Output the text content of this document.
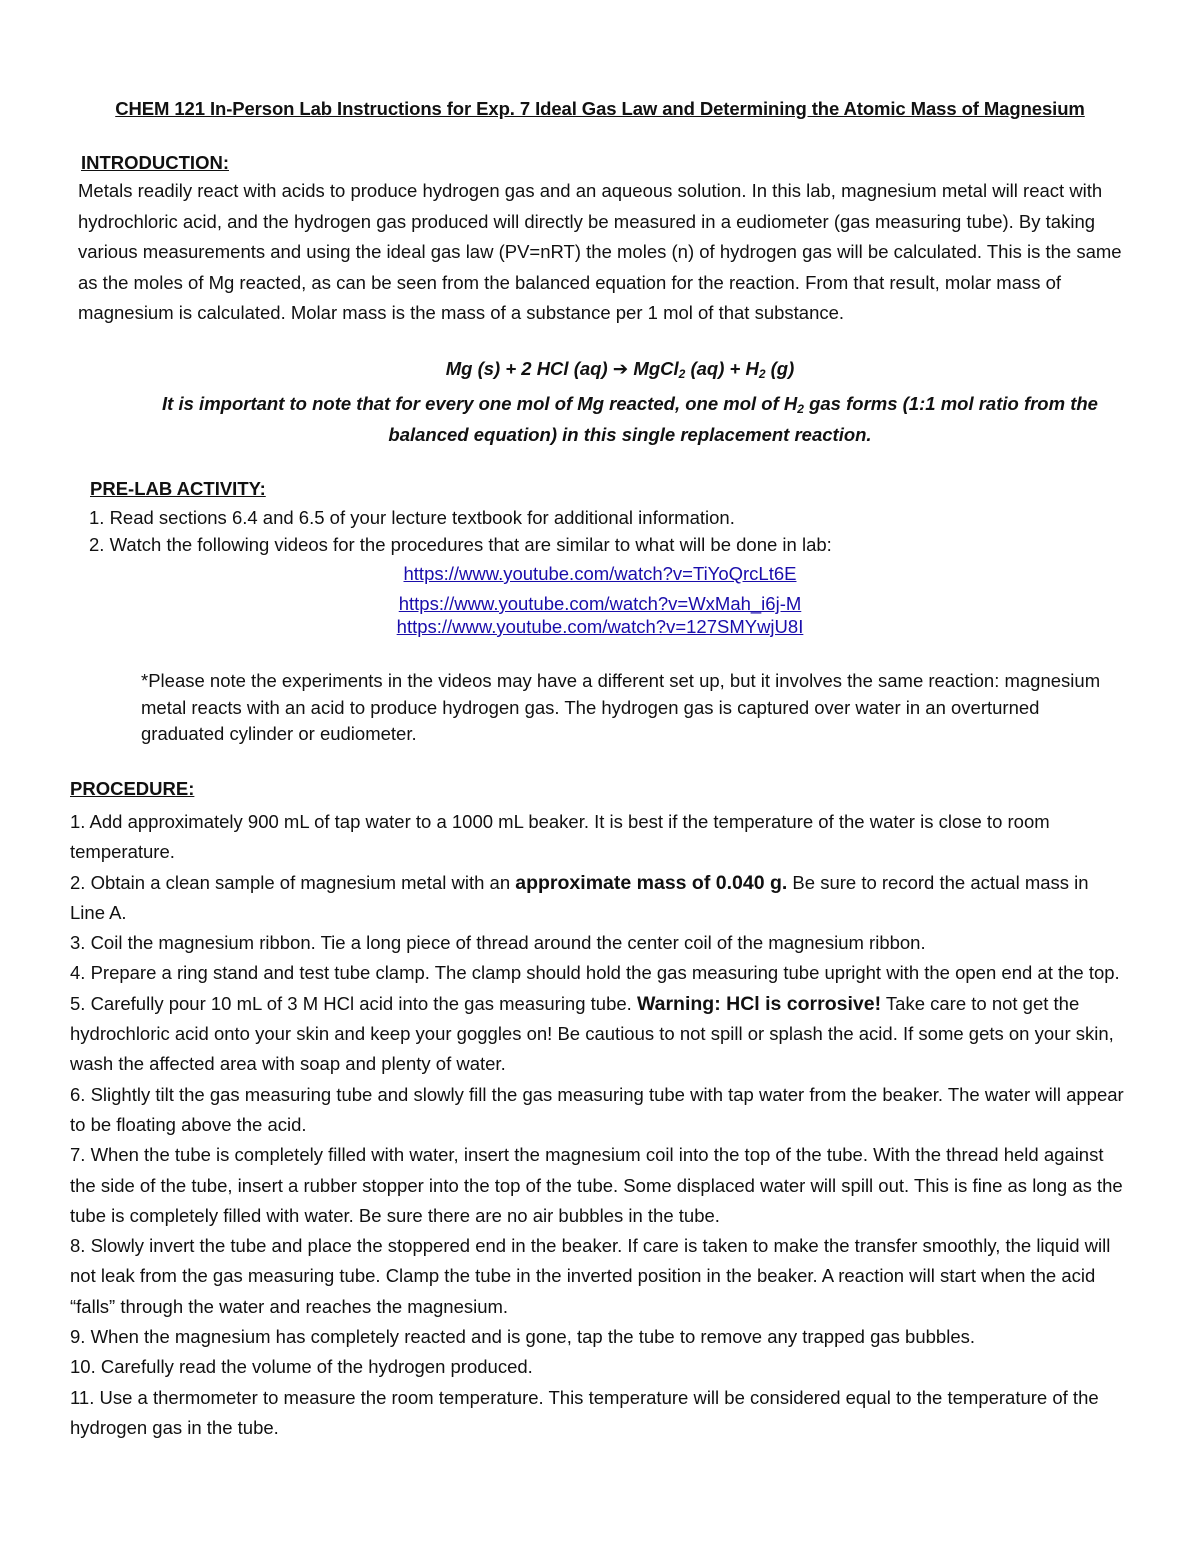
CHEM 121 In-Person Lab Instructions for Exp. 7 Ideal Gas Law and Determining the Atomic Mass of Magnesium
INTRODUCTION:

Metals readily react with acids to produce hydrogen gas and an aqueous solution. In this lab, magnesium metal will react with hydrochloric acid, and the hydrogen gas produced will directly be measured in a eudiometer (gas measuring tube). By taking various measurements and using the ideal gas law (PV=nRT) the moles (n) of hydrogen gas will be calculated. This is the same as the moles of Mg reacted, as can be seen from the balanced equation for the reaction. From that result, molar mass of magnesium is calculated. Molar mass is the mass of a substance per 1 mol of that substance.

Mg (s) + 2 HCl (aq) ➔ MgCl$_2$ $(aq) + H_2$ (g)
It is important to note that for every one mol of Mg reacted, one mol of $H_2$ gas forms (1:1 mol ratio from the balanced equation) in this single replacement reaction.
PRE-LAB ACTIVITY:
1. Read sections 6.4 and 6.5 of your lecture textbook for additional information.
2. Watch the following videos for the procedures that are similar to what will be done in lab:
https://www.youtube.com/watch?v=TiYoQrcLt6E
https://www.youtube.com/watch?v=WxMah_i6j-M
https://www.youtube.com/watch?v=127SMYwjU8I
*Please note the experiments in the videos may have a different set up, but it involves the same reaction: magnesium metal reacts with an acid to produce hydrogen gas. The hydrogen gas is captured over water in an overturned graduated cylinder or eudiometer.
PROCEDURE:
1. Add approximately 900 mL of tap water to a 1000 mL beaker. It is best if the temperature of the water is close to room temperature.
2. Obtain a clean sample of magnesium metal with an approximate mass of 0.040 g. Be sure to record the actual mass in Line A.
3. Coil the magnesium ribbon. Tie a long piece of thread around the center coil of the magnesium ribbon.
4. Prepare a ring stand and test tube clamp. The clamp should hold the gas measuring tube upright with the open end at the top.
5. Carefully pour 10 mL of 3 M HCl acid into the gas measuring tube. Warning: HCl is corrosive! Take care to not get the hydrochloric acid onto your skin and keep your goggles on! Be cautious to not spill or splash the acid. If some gets on your skin, wash the affected area with soap and plenty of water.
6. Slightly tilt the gas measuring tube and slowly fill the gas measuring tube with tap water from the beaker. The water will appear to be floating above the acid.
7. When the tube is completely filled with water, insert the magnesium coil into the top of the tube. With the thread held against the side of the tube, insert a rubber stopper into the top of the tube. Some displaced water will spill out. This is fine as long as the tube is completely filled with water. Be sure there are no air bubbles in the tube.
8. Slowly invert the tube and place the stoppered end in the beaker. If care is taken to make the transfer smoothly, the liquid will not leak from the gas measuring tube. Clamp the tube in the inverted position in the beaker. A reaction will start when the acid “falls” through the water and reaches the magnesium.
9. When the magnesium has completely reacted and is gone, tap the tube to remove any trapped gas bubbles.
10. Carefully read the volume of the hydrogen produced.
11. Use a thermometer to measure the room temperature. This temperature will be considered equal to the temperature of the hydrogen gas in the tube.
